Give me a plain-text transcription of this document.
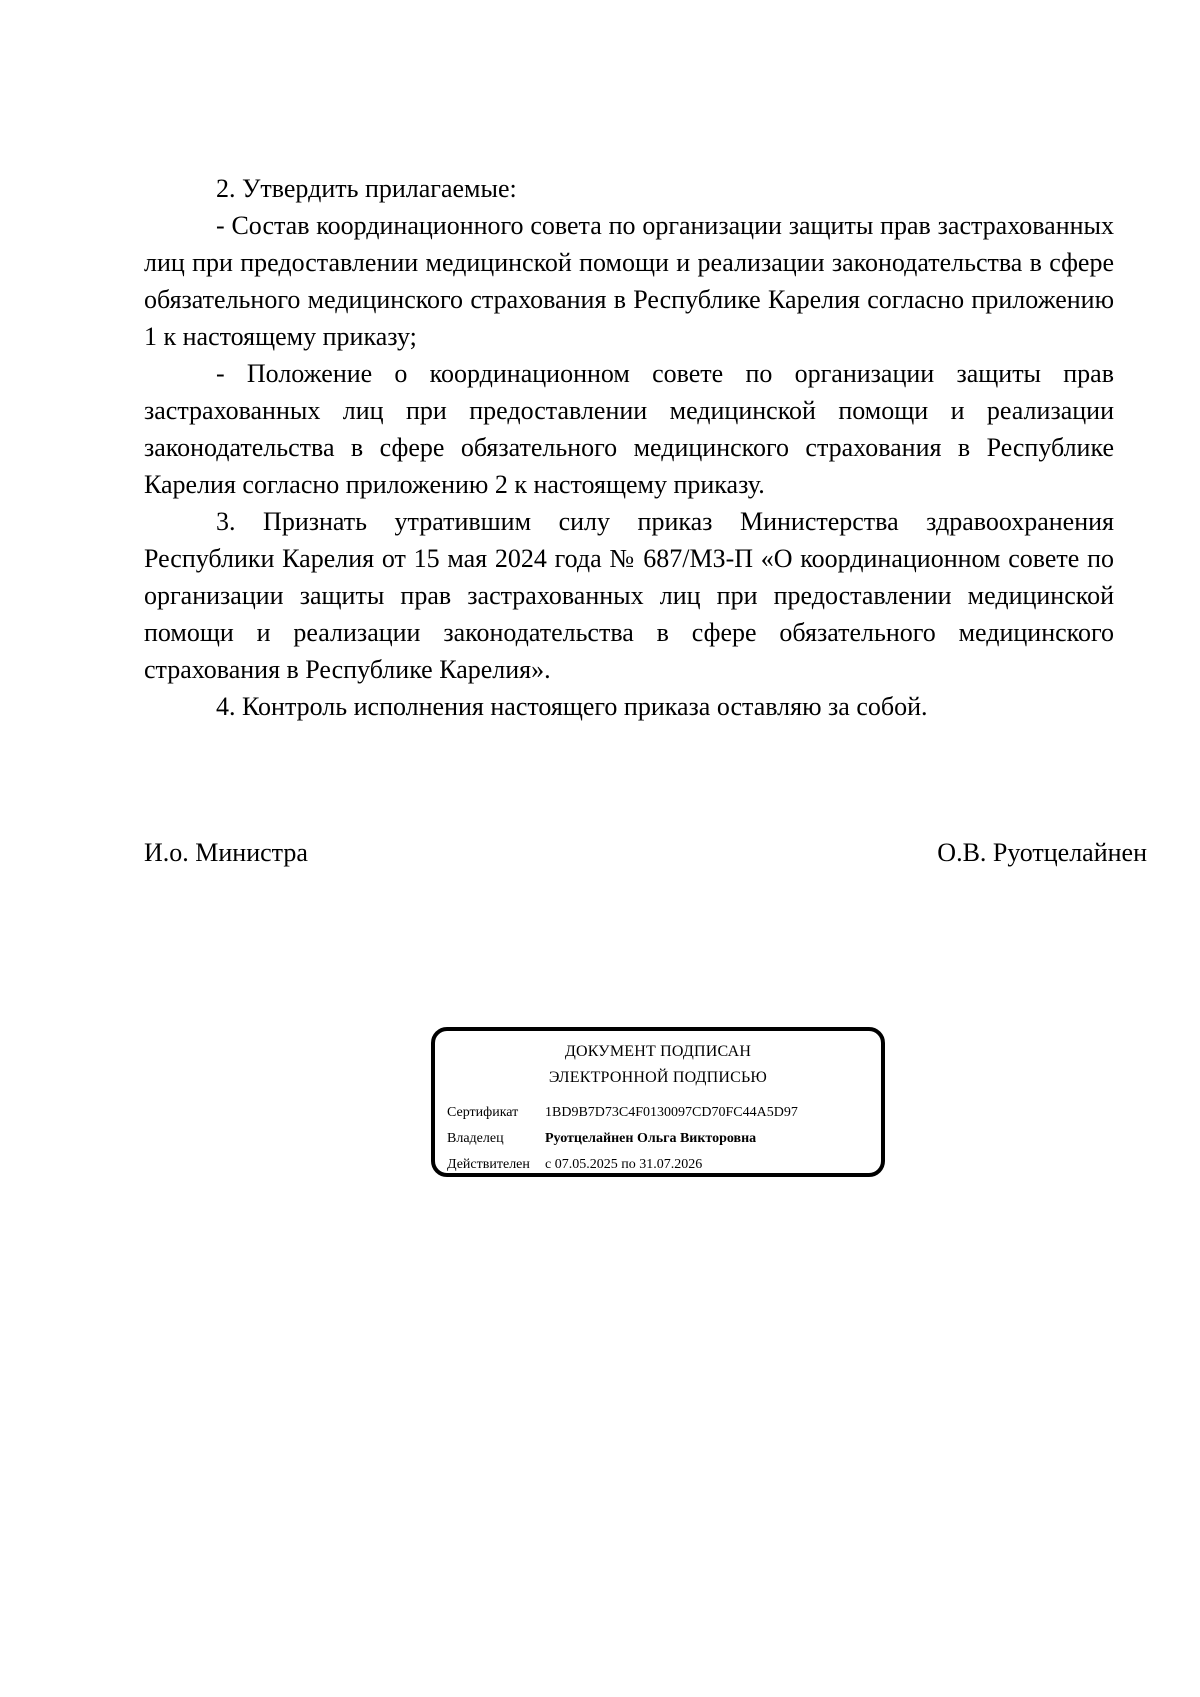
2. Утвердить прилагаемые:

- Состав координационного совета по организации защиты прав застрахованных лиц при предоставлении медицинской помощи и реализации законодательства в сфере обязательного медицинского страхования в Республике Карелия согласно приложению 1 к настоящему приказу;

- Положение о координационном совете по организации защиты прав застрахованных лиц при предоставлении медицинской помощи и реализации законодательства в сфере обязательного медицинского страхования в Республике Карелия согласно приложению 2 к настоящему приказу.

3. Признать утратившим силу приказ Министерства здравоохранения Республики Карелия от 15 мая 2024 года № 687/МЗ-П «О координационном совете по организации защиты прав застрахованных лиц при предоставлении медицинской помощи и реализации законодательства в сфере обязательного медицинского страхования в Республике Карелия».

4. Контроль исполнения настоящего приказа оставляю за собой.

И.о. Министра	О.В. Руотцелайнен
ДОКУМЕНТ ПОДПИСАН
ЭЛЕКТРОННОЙ ПОДПИСЬЮ
Сертификат 1BD9B7D73C4F0130097CD70FC44A5D97
Владелец	Руотцелайнен Ольга Викторовна
Действителен с 07.05.2025 по 31.07.2026
